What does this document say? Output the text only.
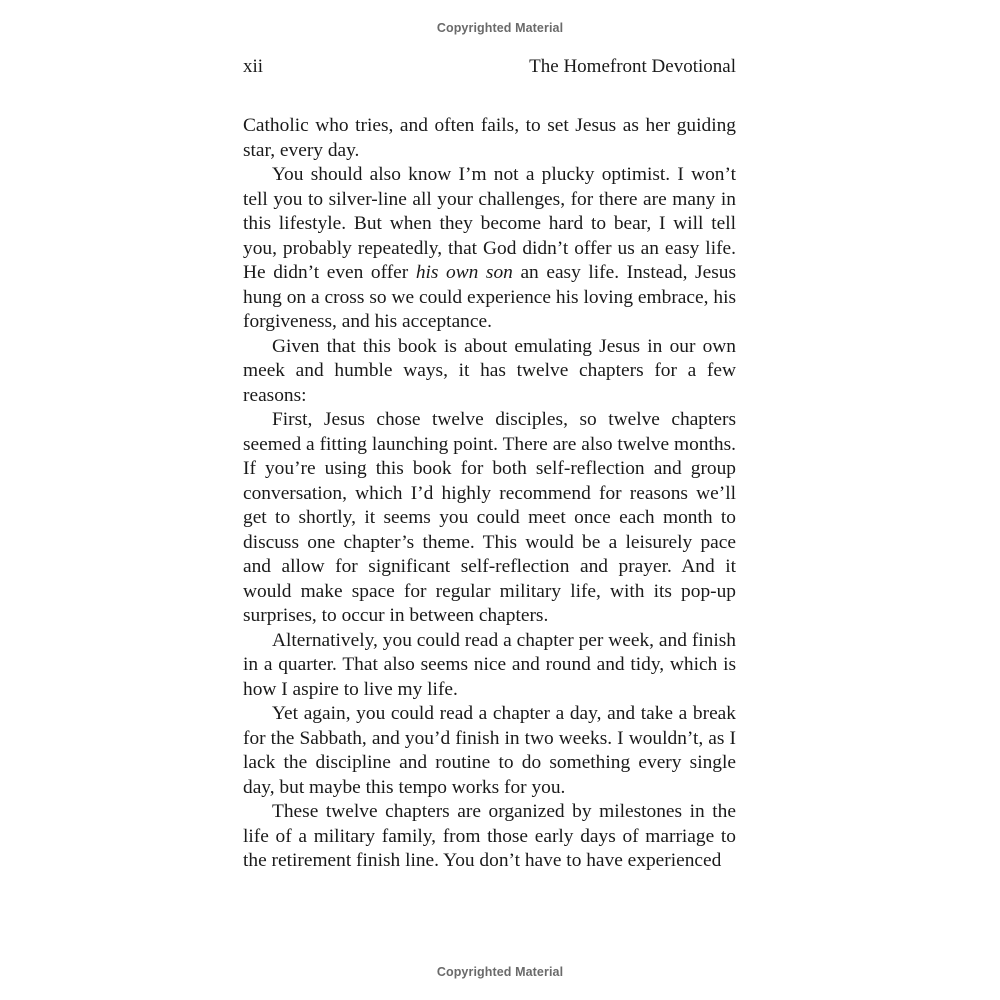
Copyrighted Material
xii	The Homefront Devotional

Catholic who tries, and often fails, to set Jesus as her guiding star, every day.

You should also know I’m not a plucky optimist. I won’t tell you to silver-line all your challenges, for there are many in this lifestyle. But when they become hard to bear, I will tell you, probably repeatedly, that God didn’t offer us an easy life. He didn’t even offer his own son an easy life. Instead, Jesus hung on a cross so we could experience his loving embrace, his forgiveness, and his acceptance.

Given that this book is about emulating Jesus in our own meek and humble ways, it has twelve chapters for a few reasons:

First, Jesus chose twelve disciples, so twelve chapters seemed a fitting launching point. There are also twelve months. If you’re using this book for both self-reflection and group conversation, which I’d highly recommend for reasons we’ll get to shortly, it seems you could meet once each month to discuss one chapter’s theme. This would be a leisurely pace and allow for significant self-reflection and prayer. And it would make space for regular military life, with its pop-up surprises, to occur in between chapters.

Alternatively, you could read a chapter per week, and finish in a quarter. That also seems nice and round and tidy, which is how I aspire to live my life.

Yet again, you could read a chapter a day, and take a break for the Sabbath, and you’d finish in two weeks. I wouldn’t, as I lack the discipline and routine to do something every single day, but maybe this tempo works for you.

These twelve chapters are organized by milestones in the life of a military family, from those early days of marriage to the retirement finish line. You don’t have to have experienced

Copyrighted Material
